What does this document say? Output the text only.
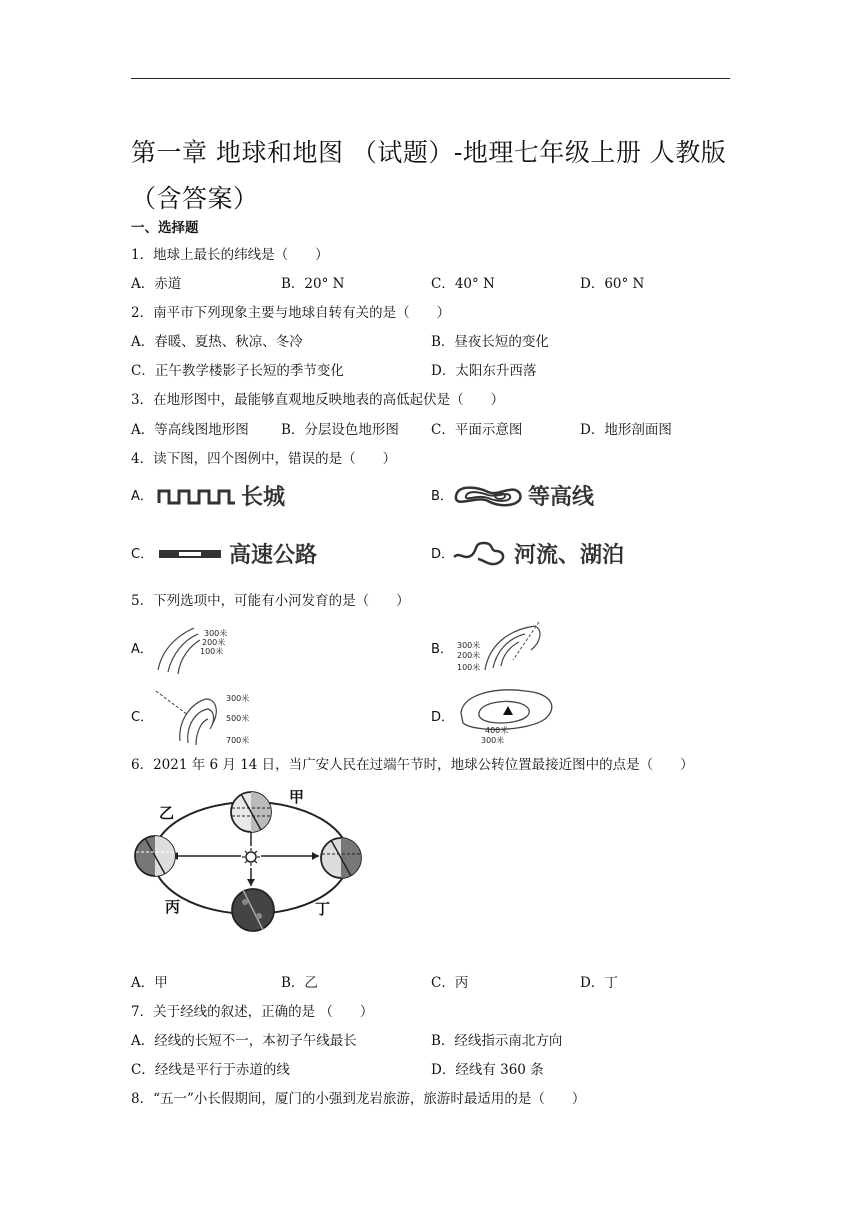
第一章 地球和地图 （试题）-地理七年级上册 人教版（含答案）
一、选择题
1．地球上最长的纬线是（　　）
A．赤道	B．20° N	C．40° N	D．60° N
2．南平市下列现象主要与地球自转有关的是（　　）
A．春暖、夏热、秋凉、冬冷	B．昼夜长短的变化
C．正午教学楼影子长短的季节变化	D．太阳东升西落
3．在地形图中，最能够直观地反映地表的高低起伏是（　　）
A．等高线图地形图 B．分层设色地形图 C．平面示意图	D．地形剖面图
4．读下图，四个图例中，错误的是（　　）
A．	长城	B．	等高线
C．	高速公路	D．	河流、湖泊
5．下列选项中，可能有小河发育的是（　　）
A．
300米
200米
100米	B． 300米
200米
100米
C．
300米
500米
700米
D．
400米
300米
6．2021 年 6 月 14 日，当广安人民在过端午节时，地球公转位置最接近图中的点是（　　）
甲
乙
丙	丁
A．甲	B．乙	C．丙	D．丁
7．关于经线的叙述，正确的是 （　　）
A．经线的长短不一，本初子午线最长	B．经线指示南北方向
C．经线是平行于赤道的线	D．经线有 360 条
8．“五一”小长假期间，厦门的小强到龙岩旅游，旅游时最适用的是（　　）
